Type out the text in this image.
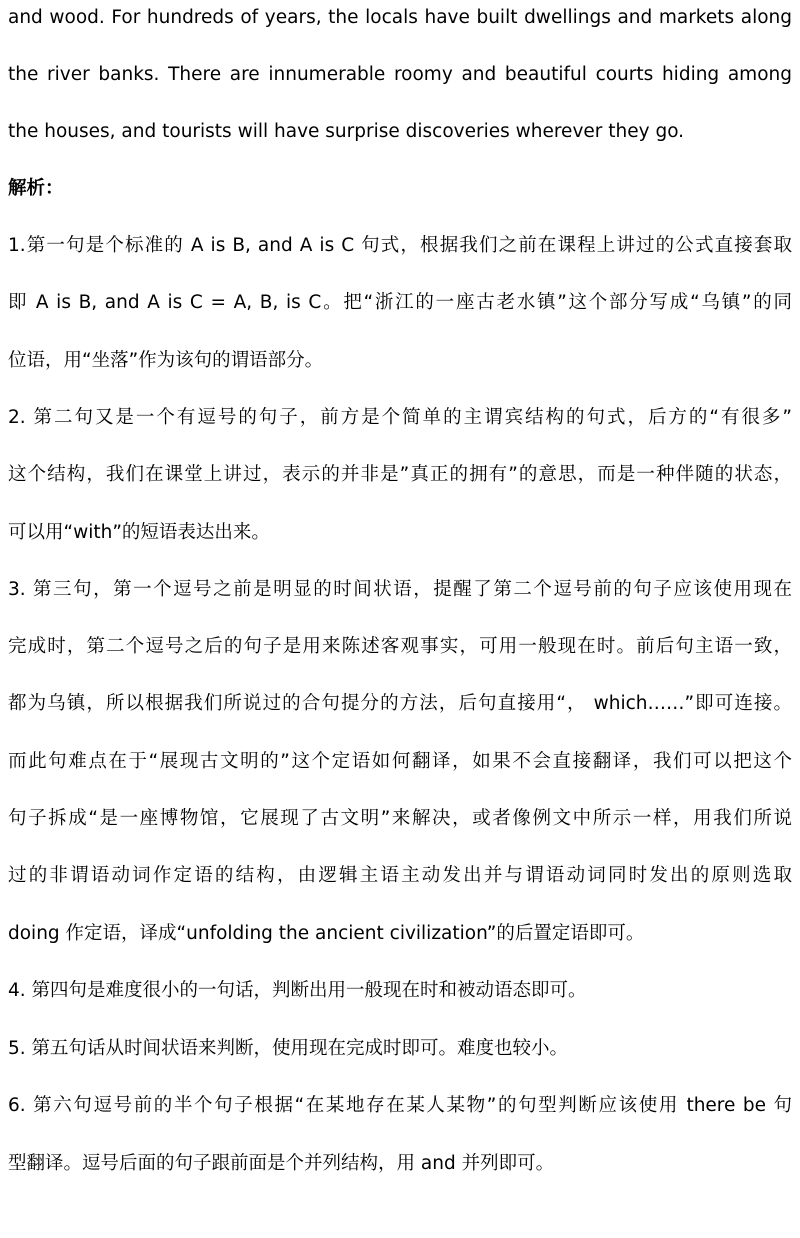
and wood. For hundreds of years, the locals have built dwellings and markets along
the river banks. There are innumerable roomy and beautiful courts hiding among
the houses, and tourists will have surprise discoveries wherever they go.
解析：
1.第一句是个标准的 A is B, and A is C 句式，根据我们之前在课程上讲过的公式直接套取
即 A is B, and A is C = A, B, is C。把“浙江的一座古老水镇”这个部分写成“乌镇”的同
位语，用“坐落”作为该句的谓语部分。
2. 第二句又是一个有逗号的句子，前方是个简单的主谓宾结构的句式，后方的“有很多”
这个结构，我们在课堂上讲过，表示的并非是”真正的拥有”的意思，而是一种伴随的状态，
可以用“with”的短语表达出来。
3. 第三句，第一个逗号之前是明显的时间状语，提醒了第二个逗号前的句子应该使用现在
完成时，第二个逗号之后的句子是用来陈述客观事实，可用一般现在时。前后句主语一致，
都为乌镇，所以根据我们所说过的合句提分的方法，后句直接用“， which……”即可连接。
而此句难点在于“展现古文明的”这个定语如何翻译，如果不会直接翻译，我们可以把这个
句子拆成“是一座博物馆，它展现了古文明”来解决，或者像例文中所示一样，用我们所说
过的非谓语动词作定语的结构，由逻辑主语主动发出并与谓语动词同时发出的原则选取
doing 作定语，译成“unfolding the ancient civilization”的后置定语即可。
4. 第四句是难度很小的一句话，判断出用一般现在时和被动语态即可。
5. 第五句话从时间状语来判断，使用现在完成时即可。难度也较小。
6. 第六句逗号前的半个句子根据“在某地存在某人某物”的句型判断应该使用 there be 句
型翻译。逗号后面的句子跟前面是个并列结构，用 and 并列即可。
